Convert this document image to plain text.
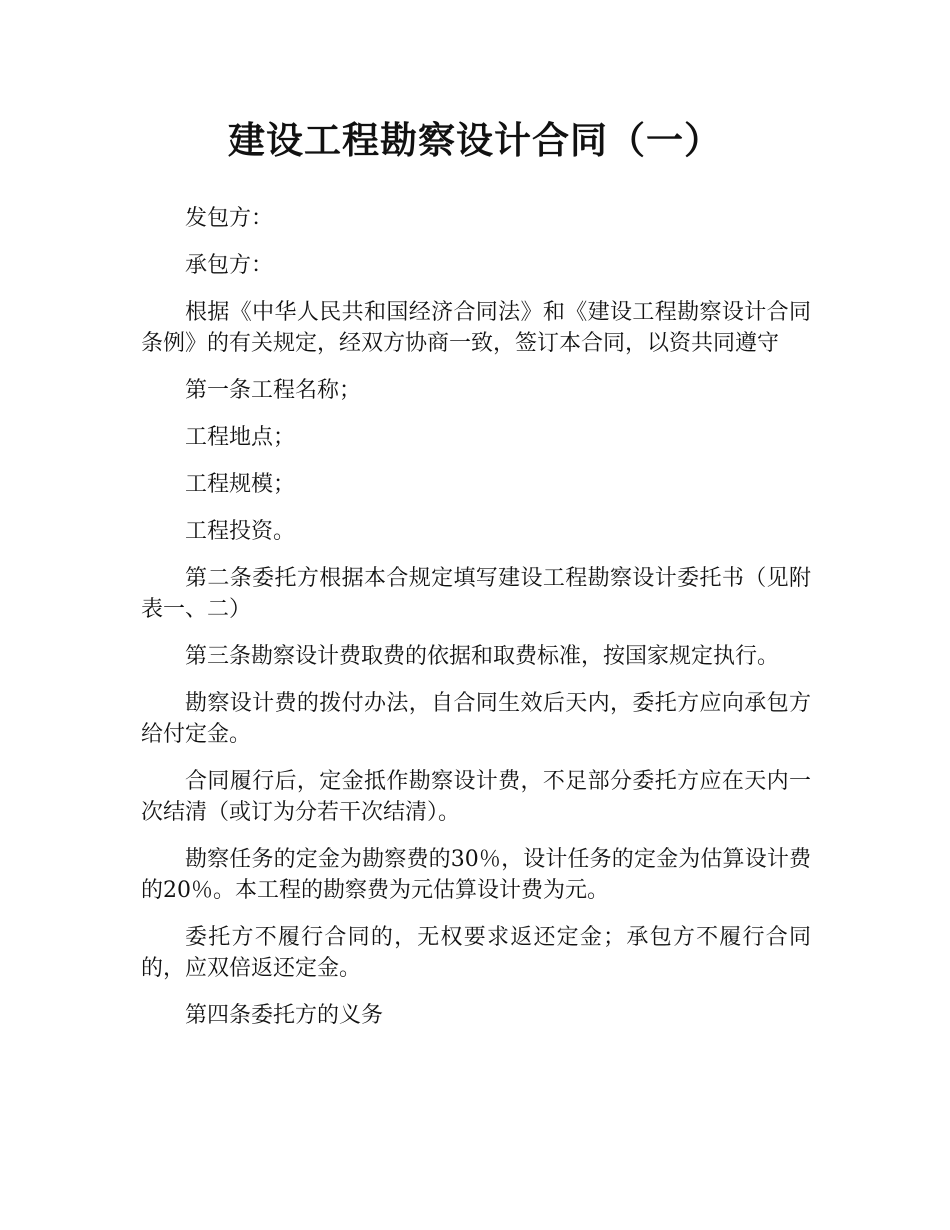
建设工程勘察设计合同（一）

发包方：

承包方：

根据《中华人民共和国经济合同法》和《建设工程勘察设计合同条例》的有关规定，经双方协商一致，签订本合同，以资共同遵守

第一条工程名称；

工程地点；

工程规模；

工程投资。

第二条委托方根据本合规定填写建设工程勘察设计委托书（见附表一、二）

第三条勘察设计费取费的依据和取费标准，按国家规定执行。

勘察设计费的拨付办法，自合同生效后天内，委托方应向承包方给付定金。

合同履行后，定金抵作勘察设计费，不足部分委托方应在天内一次结清（或订为分若干次结清）。

勘察任务的定金为勘察费的30％，设计任务的定金为估算设计费的20％。本工程的勘察费为元估算设计费为元。

委托方不履行合同的，无权要求返还定金；承包方不履行合同的，应双倍返还定金。

第四条委托方的义务
